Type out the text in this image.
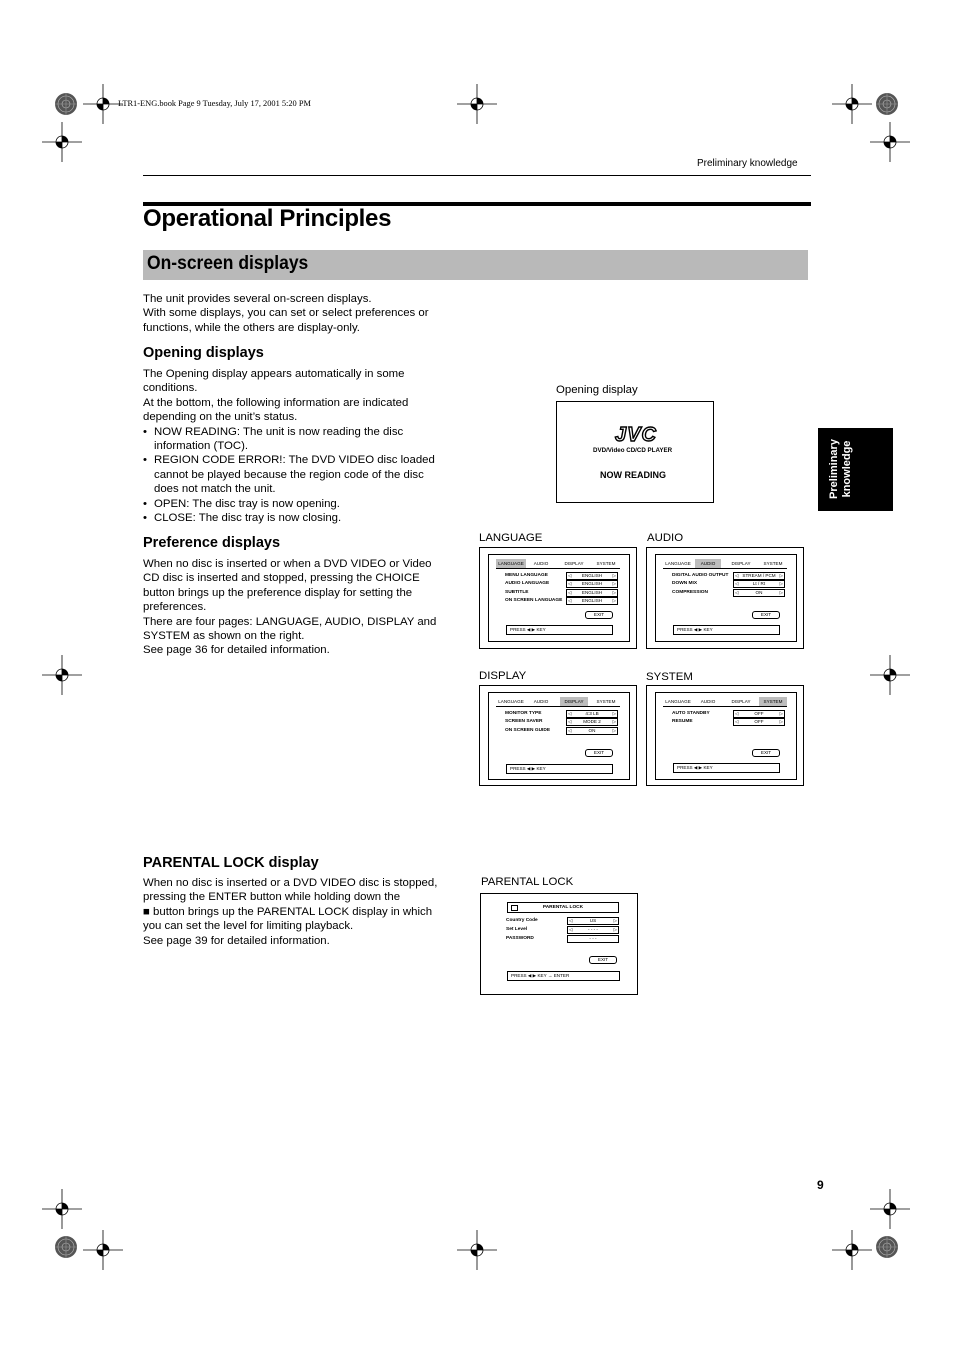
LTR1-ENG.book Page 9 Tuesday, July 17, 2001 5:20 PM
Preliminary knowledge
Operational Principles
On-screen displays
Preliminary knowledge
The unit provides several on-screen displays.
With some displays, you can set or select preferences or
functions, while the others are display-only.
Opening displays
The Opening display appears automatically in some
conditions.
At the bottom, the following information are indicated
depending on the unit’s status.
• NOW READING: The unit is now reading the disc
information (TOC).
• REGION CODE ERROR!: The DVD VIDEO disc loaded
cannot be played because the region code of the disc
does not match the unit.
• OPEN: The disc tray is now opening.
• CLOSE: The disc tray is now closing.
Preference displays
When no disc is inserted or when a DVD VIDEO or Video
CD disc is inserted and stopped, pressing the CHOICE
button brings up the preference display for setting the
preferences.
There are four pages: LANGUAGE, AUDIO, DISPLAY and
SYSTEM as shown on the right.
See page 36 for detailed information.
PARENTAL LOCK display
When no disc is inserted or a DVD VIDEO disc is stopped,
pressing the ENTER button while holding down the
■ button brings up the PARENTAL LOCK display in which
you can set the level for limiting playback.
See page 39 for detailed information.
Opening display
JVC
DVD/Video CD/CD PLAYER
NOW READING
LANGUAGE	AUDIO
DISPLAY	SYSTEM
PARENTAL LOCK
LANGUAGE	AUDIO	DISPLAY	SYSTEM
MENU LANGUAGE	◁ ENGLISH ▷
AUDIO LANGUAGE	◁ ENGLISH ▷
SUBTITLE	◁ ENGLISH ▷
ON SCREEN LANGUAGE ◁ ENGLISH ▷
EXIT
PRESS ◀ ▶ KEY
LANGUAGE	AUDIO	DISPLAY	SYSTEM
DIGITAL AUDIO OUTPUT ◁ STREAM / PCM ▷
DOWN MIX	◁	Lt / Rt	▷
COMPRESSION	◁	ON	▷
EXIT
PRESS ◀ ▶ KEY
LANGUAGE	AUDIO	DISPLAY	SYSTEM
MONITOR TYPE	◁	4:3 LB	▷
SCREEN SAVER	◁	MODE 2	▷
ON SCREEN GUIDE	◁	ON	▷
EXIT
PRESS ◀ ▶ KEY
LANGUAGE	AUDIO	DISPLAY	SYSTEM
AUTO STANDBY	◁	OFF	▷
RESUME	◁	OFF	▷
EXIT
PRESS ◀ ▶ KEY
PARENTAL LOCK
Country Code	◁	US	▷
Set Level	◁	- - - -	▷
PASSWORD	- - -
EXIT
PRESS ◀ ▶ KEY → ENTER
9
